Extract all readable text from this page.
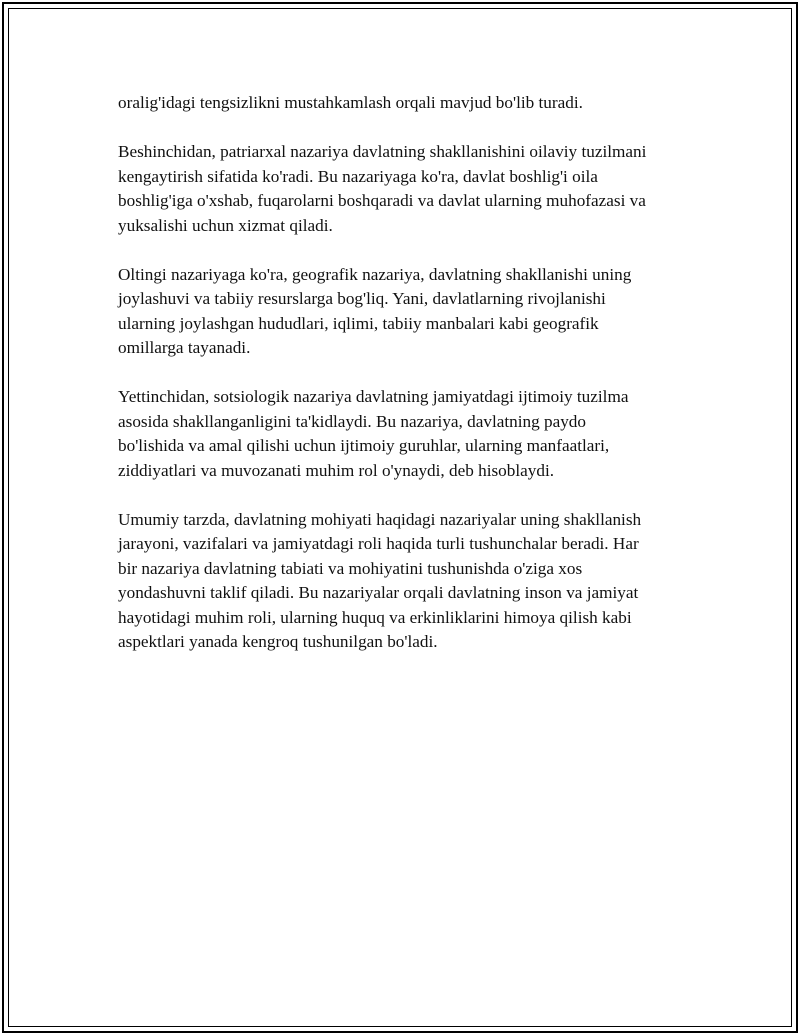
oralig'idagi tengsizlikni mustahkamlash orqali mavjud bo'lib turadi.

Beshinchidan, patriarxal nazariya davlatning shakllanishini oilaviy tuzilmani
kengaytirish sifatida ko'radi. Bu nazariyaga ko'ra, davlat boshlig'i oila
boshlig'iga o'xshab, fuqarolarni boshqaradi va davlat ularning muhofazasi va
yuksalishi uchun xizmat qiladi.

Oltingi nazariyaga ko'ra, geografik nazariya, davlatning shakllanishi uning
joylashuvi va tabiiy resurslarga bog'liq. Yani, davlatlarning rivojlanishi
ularning joylashgan hududlari, iqlimi, tabiiy manbalari kabi geografik
omillarga tayanadi.

Yettinchidan, sotsiologik nazariya davlatning jamiyatdagi ijtimoiy tuzilma
asosida shakllanganligini ta'kidlaydi. Bu nazariya, davlatning paydo
bo'lishida va amal qilishi uchun ijtimoiy guruhlar, ularning manfaatlari,
ziddiyatlari va muvozanati muhim rol o'ynaydi, deb hisoblaydi.

Umumiy tarzda, davlatning mohiyati haqidagi nazariyalar uning shakllanish
jarayoni, vazifalari va jamiyatdagi roli haqida turli tushunchalar beradi. Har
bir nazariya davlatning tabiati va mohiyatini tushunishda o'ziga xos
yondashuvni taklif qiladi. Bu nazariyalar orqali davlatning inson va jamiyat
hayotidagi muhim roli, ularning huquq va erkinliklarini himoya qilish kabi
aspektlari yanada kengroq tushunilgan bo'ladi.
